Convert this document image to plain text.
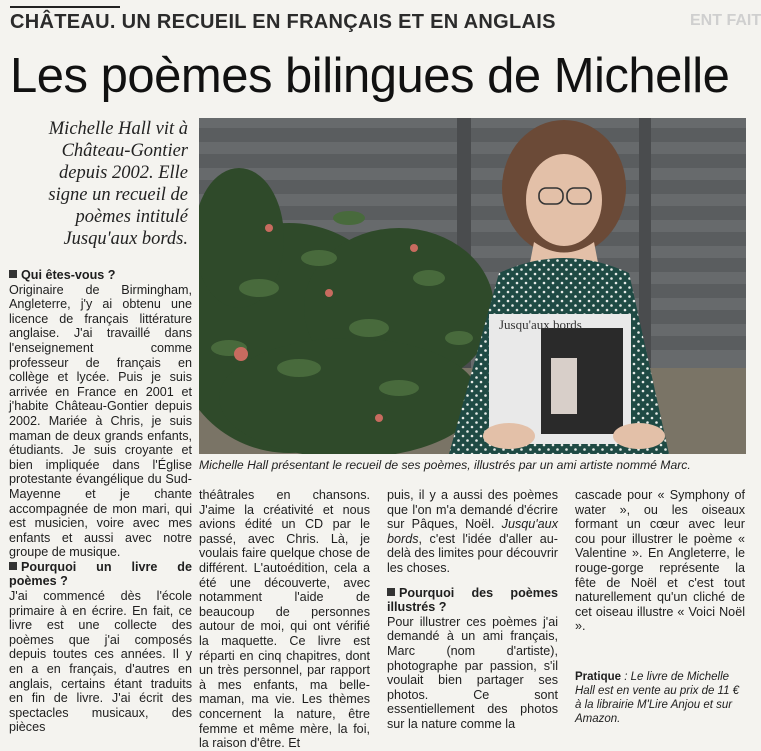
CHÂTEAU. UN RECUEIL EN FRANÇAIS ET EN ANGLAIS	ENT FAIT
Les poèmes bilingues de Michelle
Michelle Hall vit à Château-Gontier depuis 2002. Elle signe un recueil de poèmes intitulé Jusqu'aux bords.
Jusqu'aux bords
Michelle Hall présentant le recueil de ses poèmes, illustrés par un ami artiste nommé Marc.

Qui êtes-vous ?

Originaire de Birmingham, Angleterre, j'y ai obtenu une licence de français littérature anglaise. J'ai travaillé dans l'enseignement comme professeur de français en collège et lycée. Puis je suis arrivée en France en 2001 et j'habite Château-Gontier depuis 2002. Mariée à Chris, je suis maman de deux grands enfants, étudiants. Je suis croyante et bien impliquée dans l'Église protestante évangélique du Sud-Mayenne et je chante accompagnée de mon mari, qui est musicien, voire avec mes enfants et aussi avec notre groupe de musique.

Pourquoi un livre de poèmes ?

J'ai commencé dès l'école primaire à en écrire. En fait, ce livre est une collecte des poèmes que j'ai composés depuis toutes ces années. Il y en a en français, d'autres en anglais, certains étant traduits en fin de livre. J'ai écrit des spectacles musicaux, des pièces

théâtrales en chansons. J'aime la créativité et nous avions édité un CD par le passé, avec Chris. Là, je voulais faire quelque chose de différent. L'autoédition, cela a été une découverte, avec notamment l'aide de beaucoup de personnes autour de moi, qui ont vérifié la maquette. Ce livre est réparti en cinq chapitres, dont un très personnel, par rapport à mes enfants, ma belle-maman, ma vie. Les thèmes concernent la nature, être femme et même mère, la foi, la raison d'être. Et

puis, il y a aussi des poèmes que l'on m'a demandé d'écrire sur Pâques, Noël. Jusqu'aux bords, c'est l'idée d'aller au-delà des limites pour découvrir les choses.

Pourquoi des poèmes illustrés ?

Pour illustrer ces poèmes j'ai demandé à un ami français, Marc (nom d'artiste), photographe par passion, s'il voulait bien partager ses photos. Ce sont essentiellement des photos sur la nature comme la

cascade pour « Symphony of water », ou les oiseaux formant un cœur avec leur cou pour illustrer le poème « Valentine ». En Angleterre, le rouge-gorge représente la fête de Noël et c'est tout naturellement qu'un cliché de cet oiseau illustre « Voici Noël ».

Pratique : Le livre de Michelle Hall est en vente au prix de 11 € à la librairie M'Lire Anjou et sur Amazon.
